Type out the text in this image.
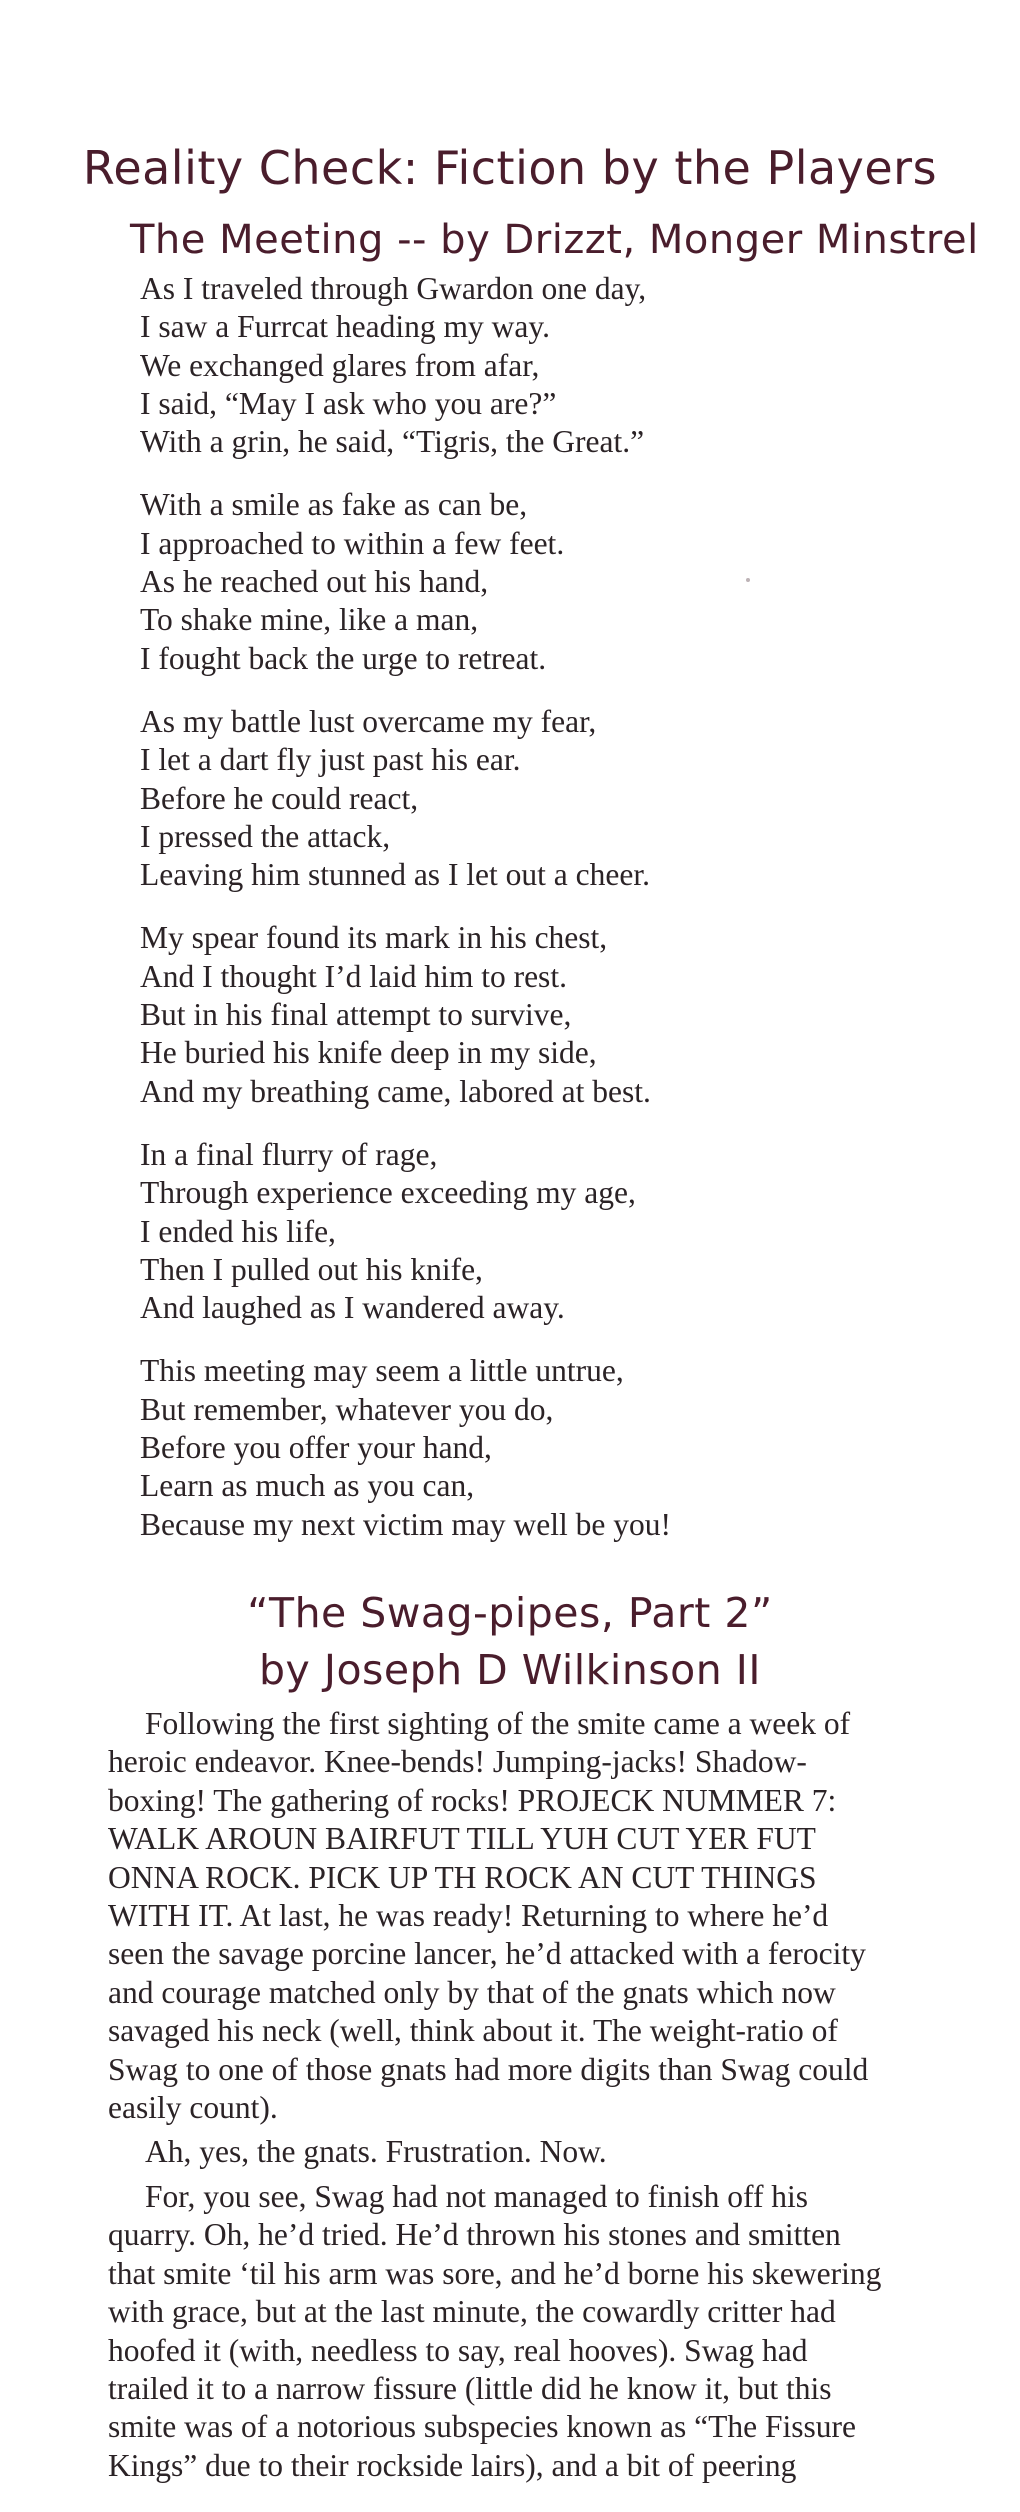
Reality Check: Fiction by the Players
The Meeting -- by Drizzt, Monger Minstrel
As I traveled through Gwardon one day,
I saw a Furrcat heading my way.
We exchanged glares from afar,
I said, “May I ask who you are?”
With a grin, he said, “Tigris, the Great.”
With a smile as fake as can be,
I approached to within a few feet.
As he reached out his hand,
To shake mine, like a man,
I fought back the urge to retreat.
As my battle lust overcame my fear,
I let a dart fly just past his ear.
Before he could react,
I pressed the attack,
Leaving him stunned as I let out a cheer.
My spear found its mark in his chest,
And I thought I’d laid him to rest.
But in his final attempt to survive,
He buried his knife deep in my side,
And my breathing came, labored at best.
In a final flurry of rage,
Through experience exceeding my age,
I ended his life,
Then I pulled out his knife,
And laughed as I wandered away.
This meeting may seem a little untrue,
But remember, whatever you do,
Before you offer your hand,
Learn as much as you can,
Because my next victim may well be you!
“The Swag-pipes, Part 2”
by Joseph D Wilkinson II
Following the first sighting of the smite came a week of
heroic endeavor. Knee-bends! Jumping-jacks! Shadow-
boxing! The gathering of rocks! PROJECK NUMMER 7:
WALK AROUN BAIRFUT TILL YUH CUT YER FUT
ONNA ROCK. PICK UP TH ROCK AN CUT THINGS
WITH IT. At last, he was ready! Returning to where he’d
seen the savage porcine lancer, he’d attacked with a ferocity
and courage matched only by that of the gnats which now
savaged his neck (well, think about it. The weight-ratio of
Swag to one of those gnats had more digits than Swag could
easily count).
Ah, yes, the gnats. Frustration. Now.
For, you see, Swag had not managed to finish off his
quarry. Oh, he’d tried. He’d thrown his stones and smitten
that smite ‘til his arm was sore, and he’d borne his skewering
with grace, but at the last minute, the cowardly critter had
hoofed it (with, needless to say, real hooves). Swag had
trailed it to a narrow fissure (little did he know it, but this
smite was of a notorious subspecies known as “The Fissure
Kings” due to their rockside lairs), and a bit of peering
